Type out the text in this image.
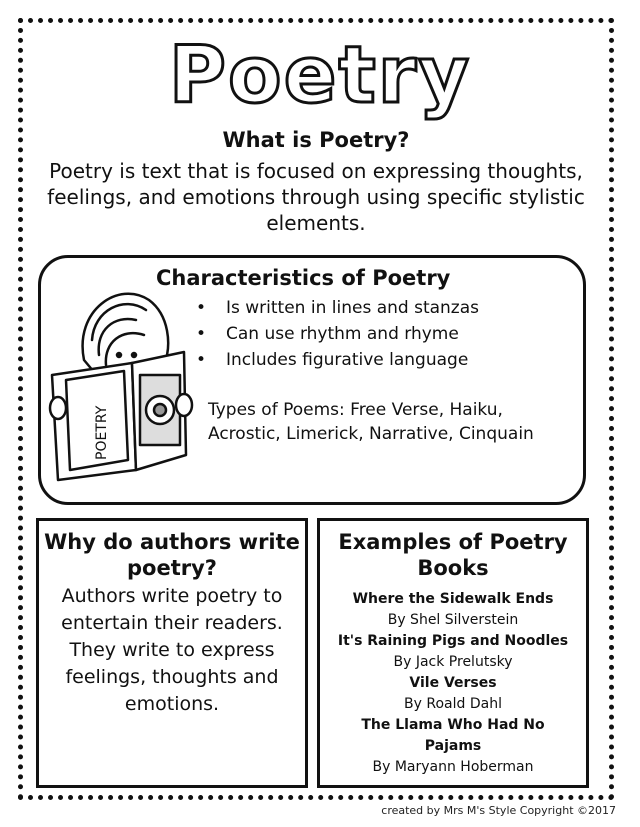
Poetry
What is Poetry?
Poetry is text that is focused on expressing thoughts, feelings, and emotions through using specific stylistic elements.
POETRY
Characteristics of Poetry
• Is written in lines and stanzas
• Can use rhythm and rhyme
• Includes figurative language
Types of Poems: Free Verse, Haiku, Acrostic, Limerick, Narrative, Cinquain
Why do authors write poetry?
Authors write poetry to entertain their readers. They write to express feelings, thoughts and emotions.
Examples of Poetry Books
Where the Sidewalk Ends
By Shel Silverstein
It's Raining Pigs and Noodles
By Jack Prelutsky
Vile Verses
By Roald Dahl
The Llama Who Had No Pajams
By Maryann Hoberman
created by Mrs M's Style Copyright ©2017
